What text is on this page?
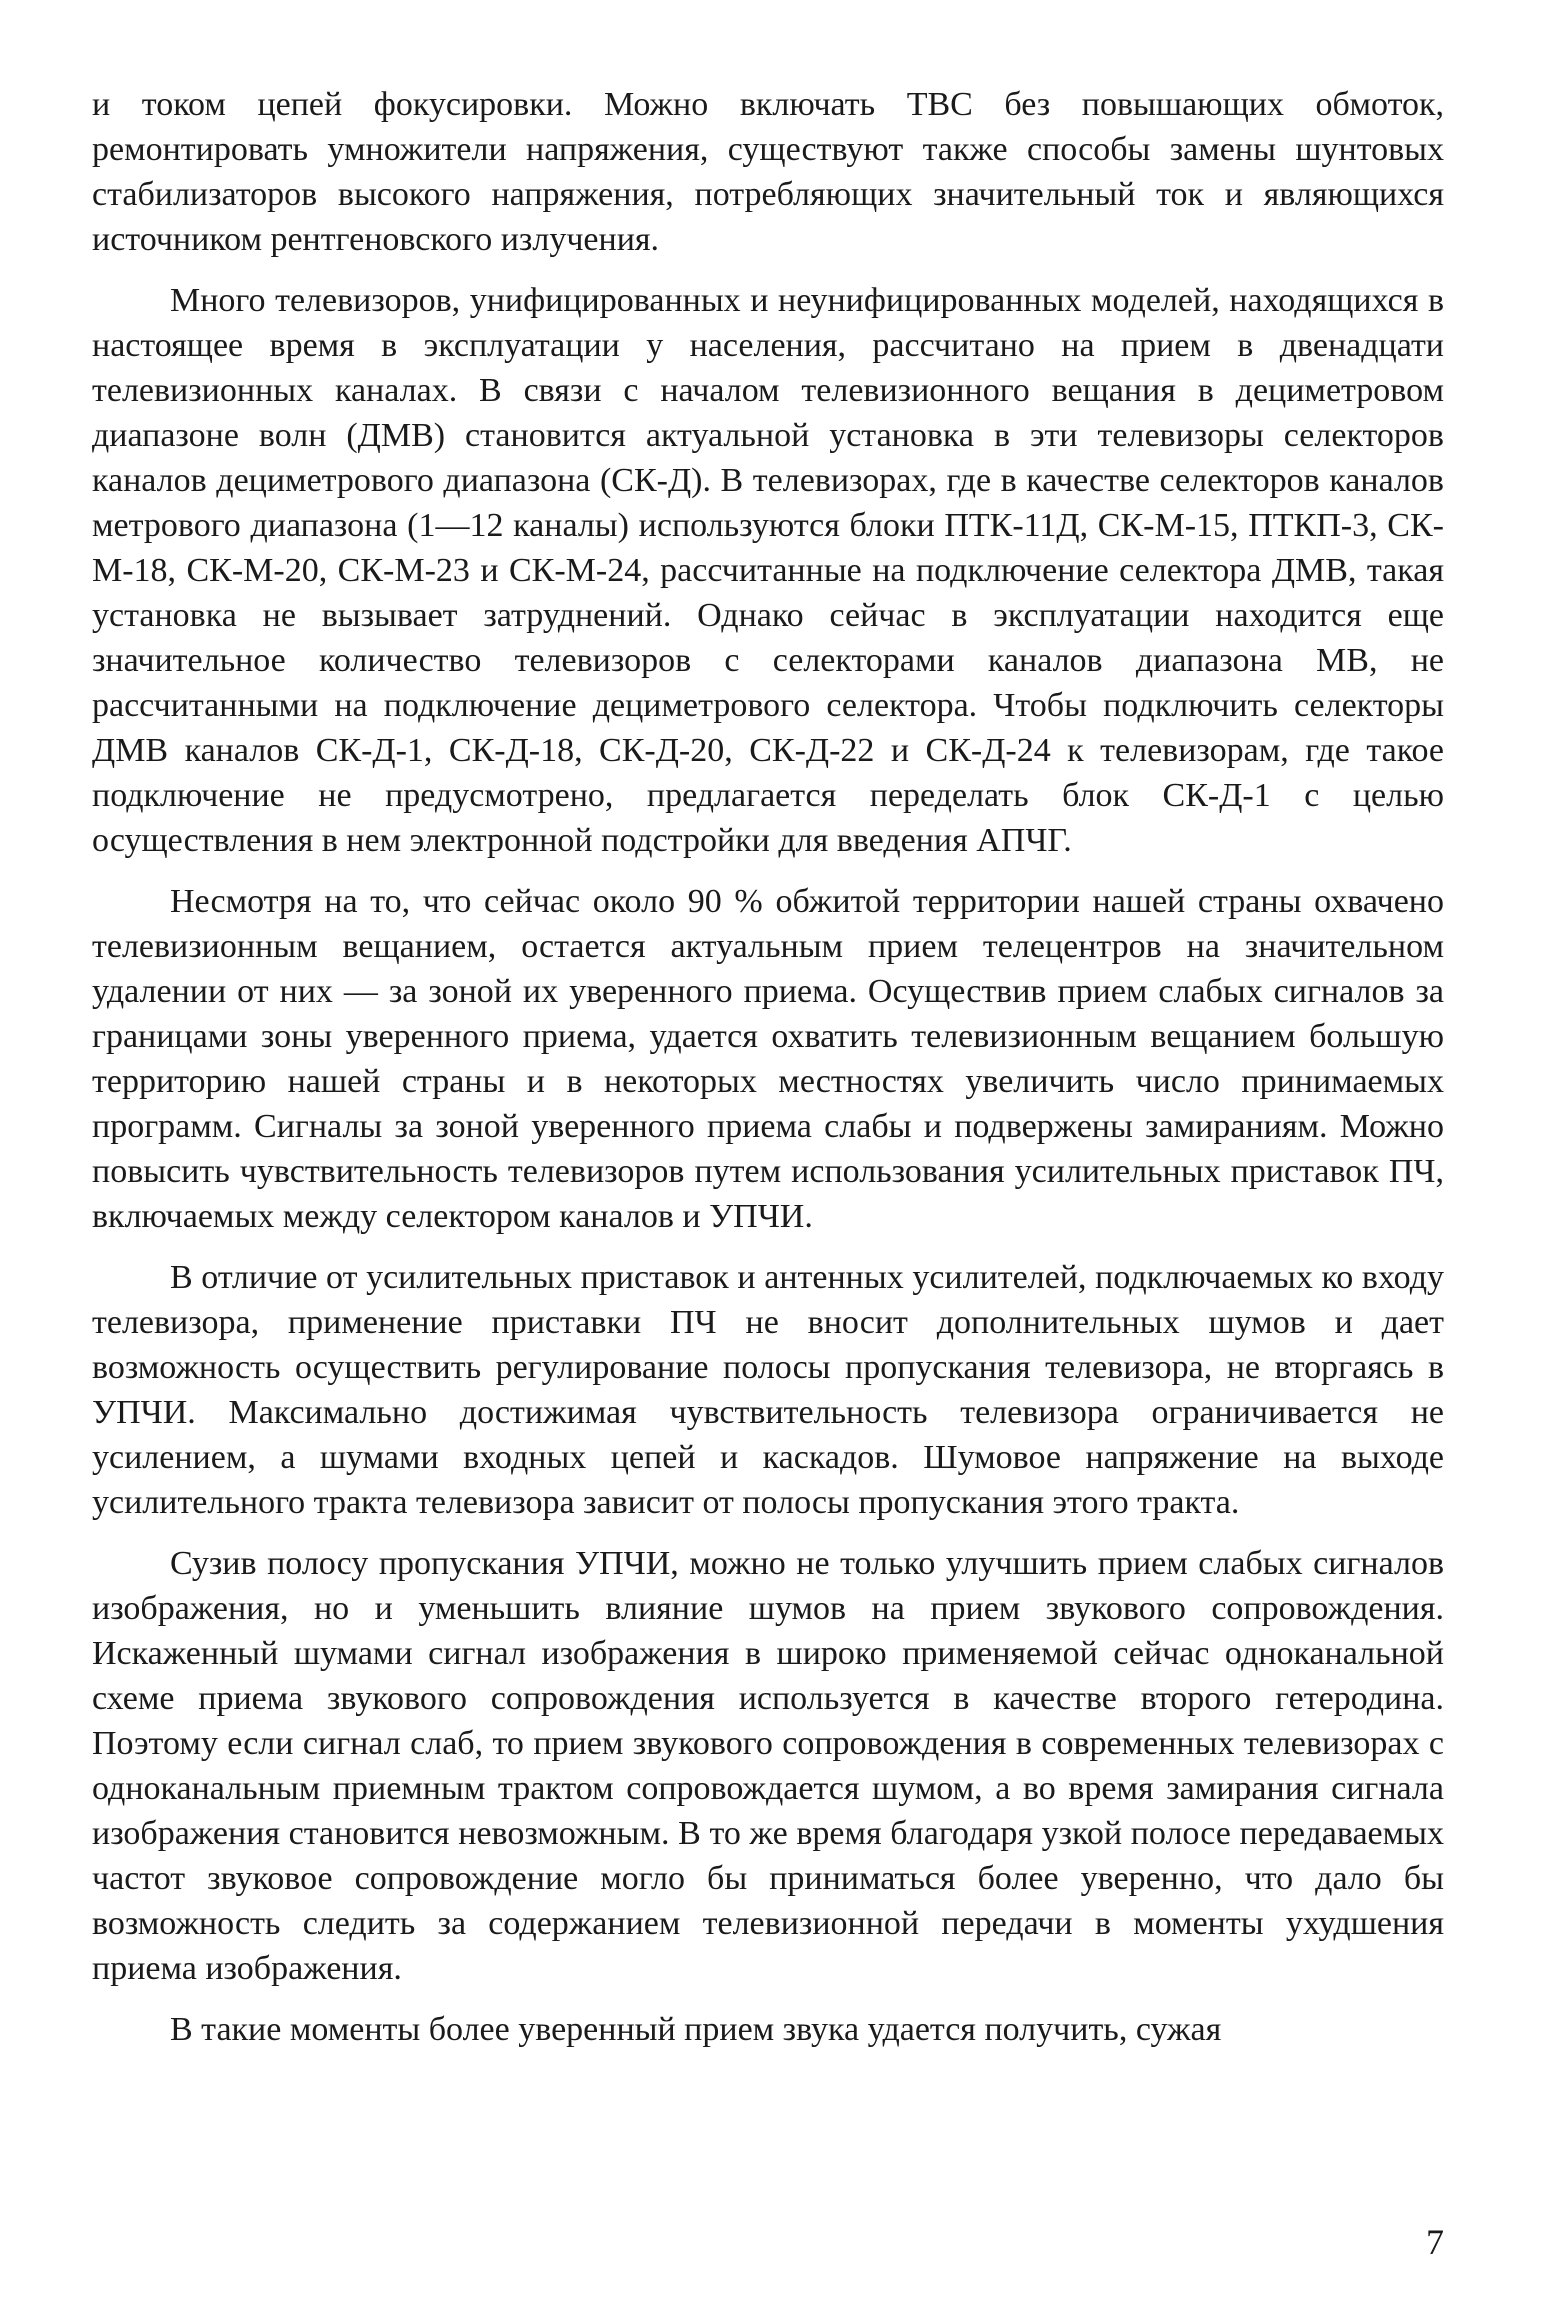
и током цепей фокусировки. Можно включать ТВС без повышающих обмоток, ремонтировать умножители напряжения, существуют также способы замены шунтовых стабилизаторов высокого напряжения, потребляющих значительный ток и являющихся источником рентгеновского излучения.

Много телевизоров, унифицированных и неунифицированных моделей, находящихся в настоящее время в эксплуатации у населения, рассчитано на прием в двенадцати телевизионных каналах. В связи с началом телевизионного вещания в дециметровом диапазоне волн (ДМВ) становится актуальной установка в эти телевизоры селекторов каналов дециметрового диапазона (СК-Д). В телевизорах, где в качестве селекторов каналов метрового диапазона (1—12 каналы) используются блоки ПТК-11Д, СК-М-15, ПТКП-3, СК-М-18, СК-М-20, СК-М-23 и СК-М-24, рассчитанные на подключение селектора ДМВ, такая установка не вызывает затруднений. Однако сейчас в эксплуатации находится еще значительное количество телевизоров с селекторами каналов диапазона МВ, не рассчитанными на подключение дециметрового селектора. Чтобы подключить селекторы ДМВ каналов СК-Д-1, СК-Д-18, СК-Д-20, СК-Д-22 и СК-Д-24 к телевизорам, где такое подключение не предусмотрено, предлагается переделать блок СК-Д-1 с целью осуществления в нем электронной подстройки для введения АПЧГ.

Несмотря на то, что сейчас около 90 % обжитой территории нашей страны охвачено телевизионным вещанием, остается актуальным прием телецентров на значительном удалении от них — за зоной их уверенного приема. Осуществив прием слабых сигналов за границами зоны уверенного приема, удается охватить телевизионным вещанием большую территорию нашей страны и в некоторых местностях увеличить число принимаемых программ. Сигналы за зоной уверенного приема слабы и подвержены замираниям. Можно повысить чувствительность телевизоров путем использования усилительных приставок ПЧ, включаемых между селектором каналов и УПЧИ.

В отличие от усилительных приставок и антенных усилителей, подключаемых ко входу телевизора, применение приставки ПЧ не вносит дополнительных шумов и дает возможность осуществить регулирование полосы пропускания телевизора, не вторгаясь в УПЧИ. Максимально достижимая чувствительность телевизора ограничивается не усилением, а шумами входных цепей и каскадов. Шумовое напряжение на выходе усилительного тракта телевизора зависит от полосы пропускания этого тракта.

Сузив полосу пропускания УПЧИ, можно не только улучшить прием слабых сигналов изображения, но и уменьшить влияние шумов на прием звукового сопровождения. Искаженный шумами сигнал изображения в широко применяемой сейчас одноканальной схеме приема звукового сопровождения используется в качестве второго гетеродина. Поэтому если сигнал слаб, то прием звукового сопровождения в современных телевизорах с одноканальным приемным трактом сопровождается шумом, а во время замирания сигнала изображения становится невозможным. В то же время благодаря узкой полосе передаваемых частот звуковое сопровождение могло бы приниматься более уверенно, что дало бы возможность следить за содержанием телевизионной передачи в моменты ухудшения приема изображения.

В такие моменты более уверенный прием звука удается получить, сужая

7
